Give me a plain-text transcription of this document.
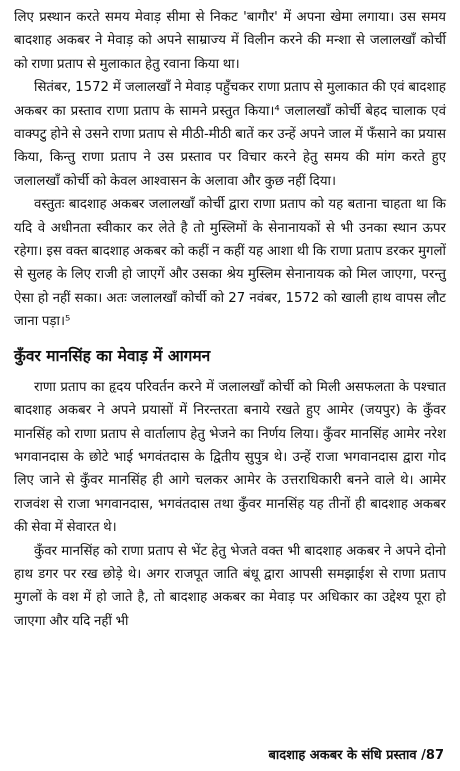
लिए प्रस्थान करते समय मेवाड़ सीमा से निकट 'बागौर' में अपना खेमा लगाया। उस समय बादशाह अकबर ने मेवाड़ को अपने साम्राज्य में विलीन करने की मन्शा से जलालखाँ कोर्ची को राणा प्रताप से मुलाकात हेतु रवाना किया था।

सितंबर, 1572 में जलालखाँ ने मेवाड़ पहुँचकर राणा प्रताप से मुलाकात की एवं बादशाह अकबर का प्रस्ताव राणा प्रताप के सामने प्रस्तुत किया।⁴ जलालखाँ कोर्ची बेहद चालाक एवं वाक्पटु होने से उसने राणा प्रताप से मीठी-मीठी बातें कर उन्हें अपने जाल में फँसाने का प्रयास किया, किन्तु राणा प्रताप ने उस प्रस्ताव पर विचार करने हेतु समय की मांग करते हुए जलालखाँ कोर्ची को केवल आश्वासन के अलावा और कुछ नहीं दिया।

वस्तुतः बादशाह अकबर जलालखाँ कोर्ची द्वारा राणा प्रताप को यह बताना चाहता था कि यदि वे अधीनता स्वीकार कर लेते है तो मुस्लिमों के सेनानायकों से भी उनका स्थान ऊपर रहेगा। इस वक्त बादशाह अकबर को कहीं न कहीं यह आशा थी कि राणा प्रताप डरकर मुगलों से सुलह के लिए राजी हो जाएगें और उसका श्रेय मुस्लिम सेनानायक को मिल जाएगा, परन्तु ऐसा हो नहीं सका। अतः जलालखाँ कोर्ची को 27 नवंबर, 1572 को खाली हाथ वापस लौट जाना पड़ा।⁵

कुँवर मानसिंह का मेवाड़ में आगमन

राणा प्रताप का हृदय परिवर्तन करने में जलालखाँ कोर्ची को मिली असफलता के पश्चात बादशाह अकबर ने अपने प्रयासों में निरन्तरता बनाये रखते हुए आमेर (जयपुर) के कुँवर मानसिंह को राणा प्रताप से वार्तालाप हेतु भेजने का निर्णय लिया। कुँवर मानसिंह आमेर नरेश भगवानदास के छोटे भाई भगवंतदास के द्वितीय सुपुत्र थे। उन्हें राजा भगवानदास द्वारा गोद लिए जाने से कुँवर मानसिंह ही आगे चलकर आमेर के उत्तराधिकारी बनने वाले थे। आमेर राजवंश से राजा भगवानदास, भगवंतदास तथा कुँवर मानसिंह यह तीनों ही बादशाह अकबर की सेवा में सेवारत थे।

कुँवर मानसिंह को राणा प्रताप से भेंट हेतु भेजते वक्त भी बादशाह अकबर ने अपने दोनो हाथ डगर पर रख छोड़े थे। अगर राजपूत जाति बंधू द्वारा आपसी समझाईश से राणा प्रताप मुगलों के वश में हो जाते है, तो बादशाह अकबर का मेवाड़ पर अधिकार का उद्देश्य पूरा हो जाएगा और यदि नहीं भी

बादशाह अकबर के संधि प्रस्ताव /87
